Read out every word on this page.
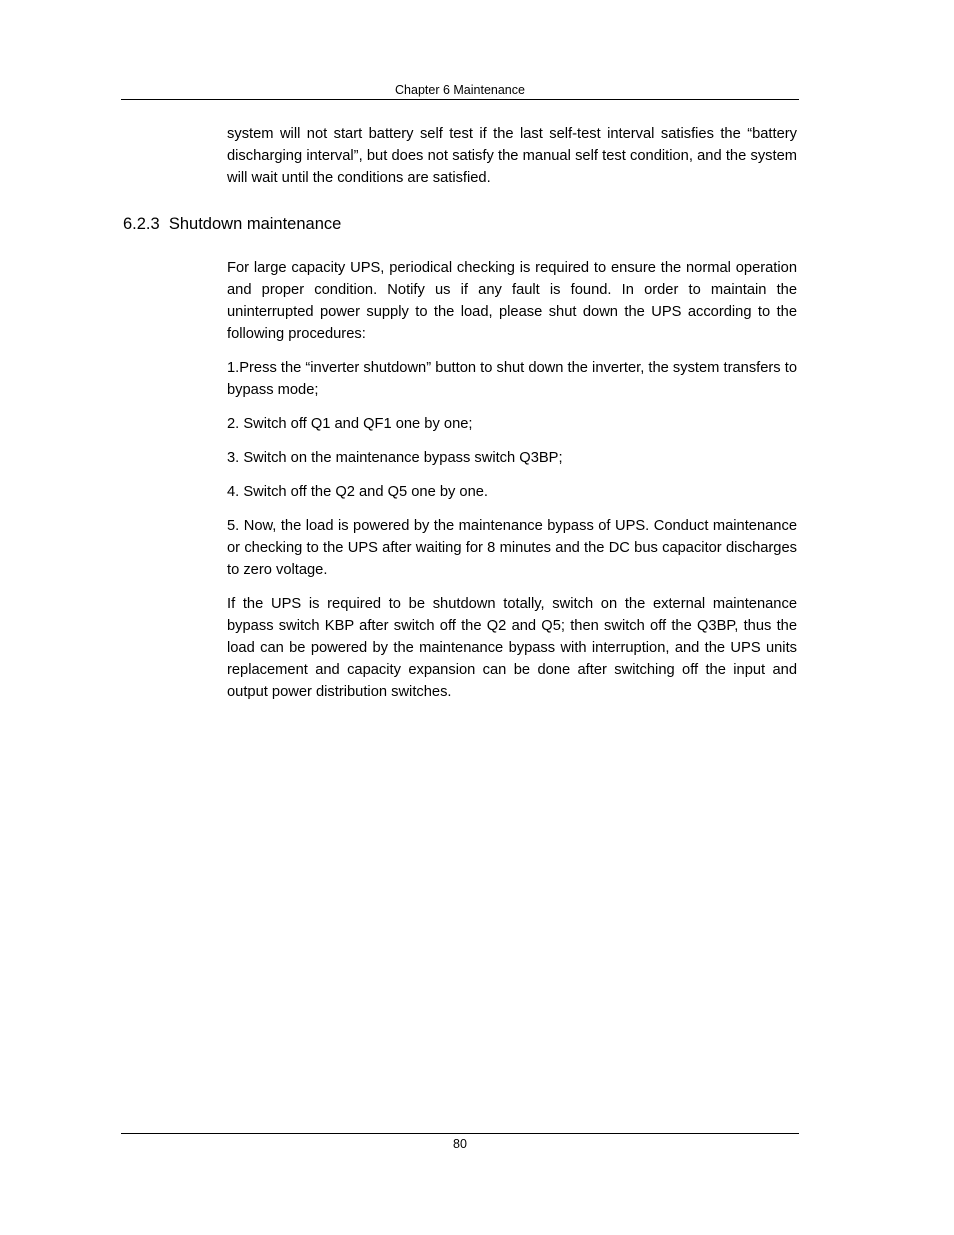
Chapter 6 Maintenance

system will not start battery self test if the last self-test interval satisfies the “battery discharging interval”, but does not satisfy the manual self test condition, and the system will wait until the conditions are satisfied.

6.2.3  Shutdown maintenance

For large capacity UPS, periodical checking is required to ensure the normal operation and proper condition. Notify us if any fault is found. In order to maintain the uninterrupted power supply to the load, please shut down the UPS according to the following procedures:

1.Press the “inverter shutdown” button to shut down the inverter, the system transfers to bypass mode;

2. Switch off Q1 and QF1 one by one;

3. Switch on the maintenance bypass switch Q3BP;

4. Switch off the Q2 and Q5 one by one.

5. Now, the load is powered by the maintenance bypass of UPS. Conduct maintenance or checking to the UPS after waiting for 8 minutes and the DC bus capacitor discharges to zero voltage.

If the UPS is required to be shutdown totally, switch on the external maintenance bypass switch KBP after switch off the Q2 and Q5; then switch off the Q3BP, thus the load can be powered by the maintenance bypass with interruption, and the UPS units replacement and capacity expansion can be done after switching off the input and output power distribution switches.

80
